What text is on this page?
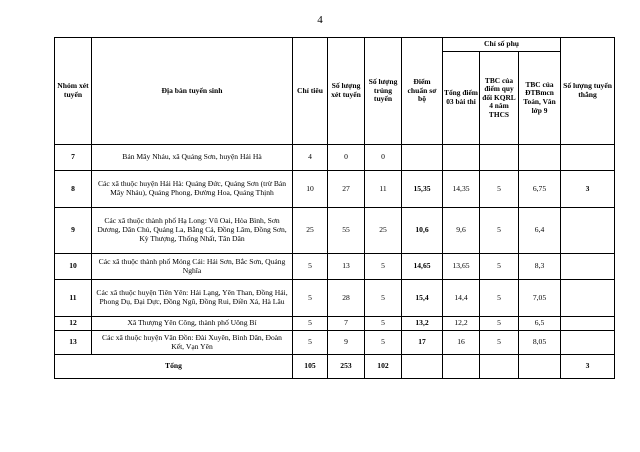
4
Nhóm xét tuyển	Địa bàn tuyển sinh	Chỉ tiêu	Số lượng xét tuyển	Số lượng trúng tuyển	Điểm chuẩn sơ bộ	Chỉ số phụ			Số lượng tuyển thẳng
						Tổng điểm 03 bài thi	TBC của điểm quy đổi KQRL 4 năm THCS	TBC của ĐTBmcn Toán, Văn lớp 9	
7	Bản Mây Nháu, xã Quảng Sơn, huyện Hải Hà	4	0	0					
8	Các xã thuộc huyện Hải Hà: Quảng Đức, Quảng Sơn (trừ Bản Mây Nháu), Quảng Phong, Đường Hoa, Quảng Thịnh	10	27	11	15,35	14,35	5	6,75	3
9	Các xã thuộc thành phố Hạ Long: Vũ Oai, Hòa Bình, Sơn Dương, Dân Chủ, Quảng La, Bằng Cả, Đồng Lâm, Đồng Sơn, Kỳ Thượng, Thống Nhất, Tân Dân	25	55	25	10,6	9,6	5	6,4	
10	Các xã thuộc thành phố Móng Cái: Hải Sơn, Bắc Sơn, Quảng Nghĩa	5	13	5	14,65	13,65	5	8,3	
11	Các xã thuộc huyện Tiên Yên: Hải Lạng, Yên Than, Đồng Hải, Phong Dụ, Đại Dực, Đồng Ngũ, Đồng Rui, Điền Xá, Hà Lâu	5	28	5	15,4	14,4	5	7,05	
12	Xã Thượng Yên Công, thành phố Uông Bí	5	7	5	13,2	12,2	5	6,5	
13	Các xã thuộc huyện Vân Đồn: Đài Xuyên, Bình Dân, Đoàn Kết, Vạn Yên	5	9	5	17	16	5	8,05	
Tổng		105	253	102					3
